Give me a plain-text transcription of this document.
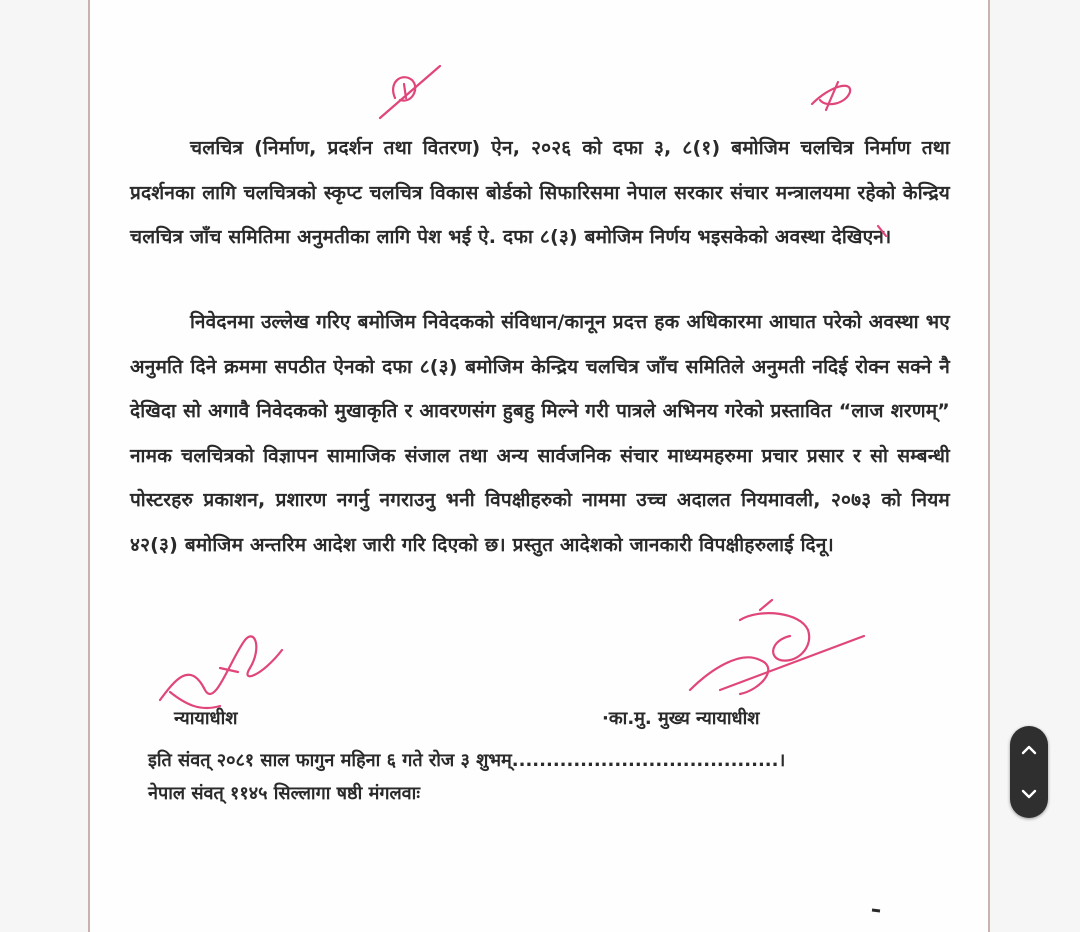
चलचित्र (निर्माण, प्रदर्शन तथा वितरण) ऐन, २०२६ को दफा ३, ८(१) बमोजिम चलचित्र निर्माण तथा प्रदर्शनका लागि चलचित्रको स्कृप्ट चलचित्र विकास बोर्डको सिफारिसमा नेपाल सरकार संचार मन्त्रालयमा रहेको केन्द्रिय चलचित्र जाँच समितिमा अनुमतीका लागि पेश भई ऐ. दफा ८(३) बमोजिम निर्णय भइसकेको अवस्था देखिएन।
निवेदनमा उल्लेख गरिए बमोजिम निवेदकको संविधान/कानून प्रदत्त हक अधिकारमा आघात परेको अवस्था भए अनुमति दिने क्रममा सपठीत ऐनको दफा ८(३) बमोजिम केन्द्रिय चलचित्र जाँच समितिले अनुमती नदिई रोक्न सक्ने नै देखिदा सो अगावै निवेदकको मुखाकृति र आवरणसंग हुबहु मिल्ने गरी पात्रले अभिनय गरेको प्रस्तावित “लाज शरणम्” नामक चलचित्रको विज्ञापन सामाजिक संजाल तथा अन्य सार्वजनिक संचार माध्यमहरुमा प्रचार प्रसार र सो सम्बन्धी पोस्टरहरु प्रकाशन, प्रशारण नगर्नु नगराउनु भनी विपक्षीहरुको नाममा उच्च अदालत नियमावली, २०७३ को नियम ४२(३) बमोजिम अन्तरिम आदेश जारी गरि दिएको छ। प्रस्तुत आदेशको जानकारी विपक्षीहरुलाई दिनू।
न्यायाधीश	·का.मु. मुख्य न्यायाधीश
इति संवत् २०८१ साल फागुन महिना ६ गते रोज ३ शुभम्.......................................।
नेपाल संवत् ११४५ सिल्लागा षष्ठी मंगलवाः
